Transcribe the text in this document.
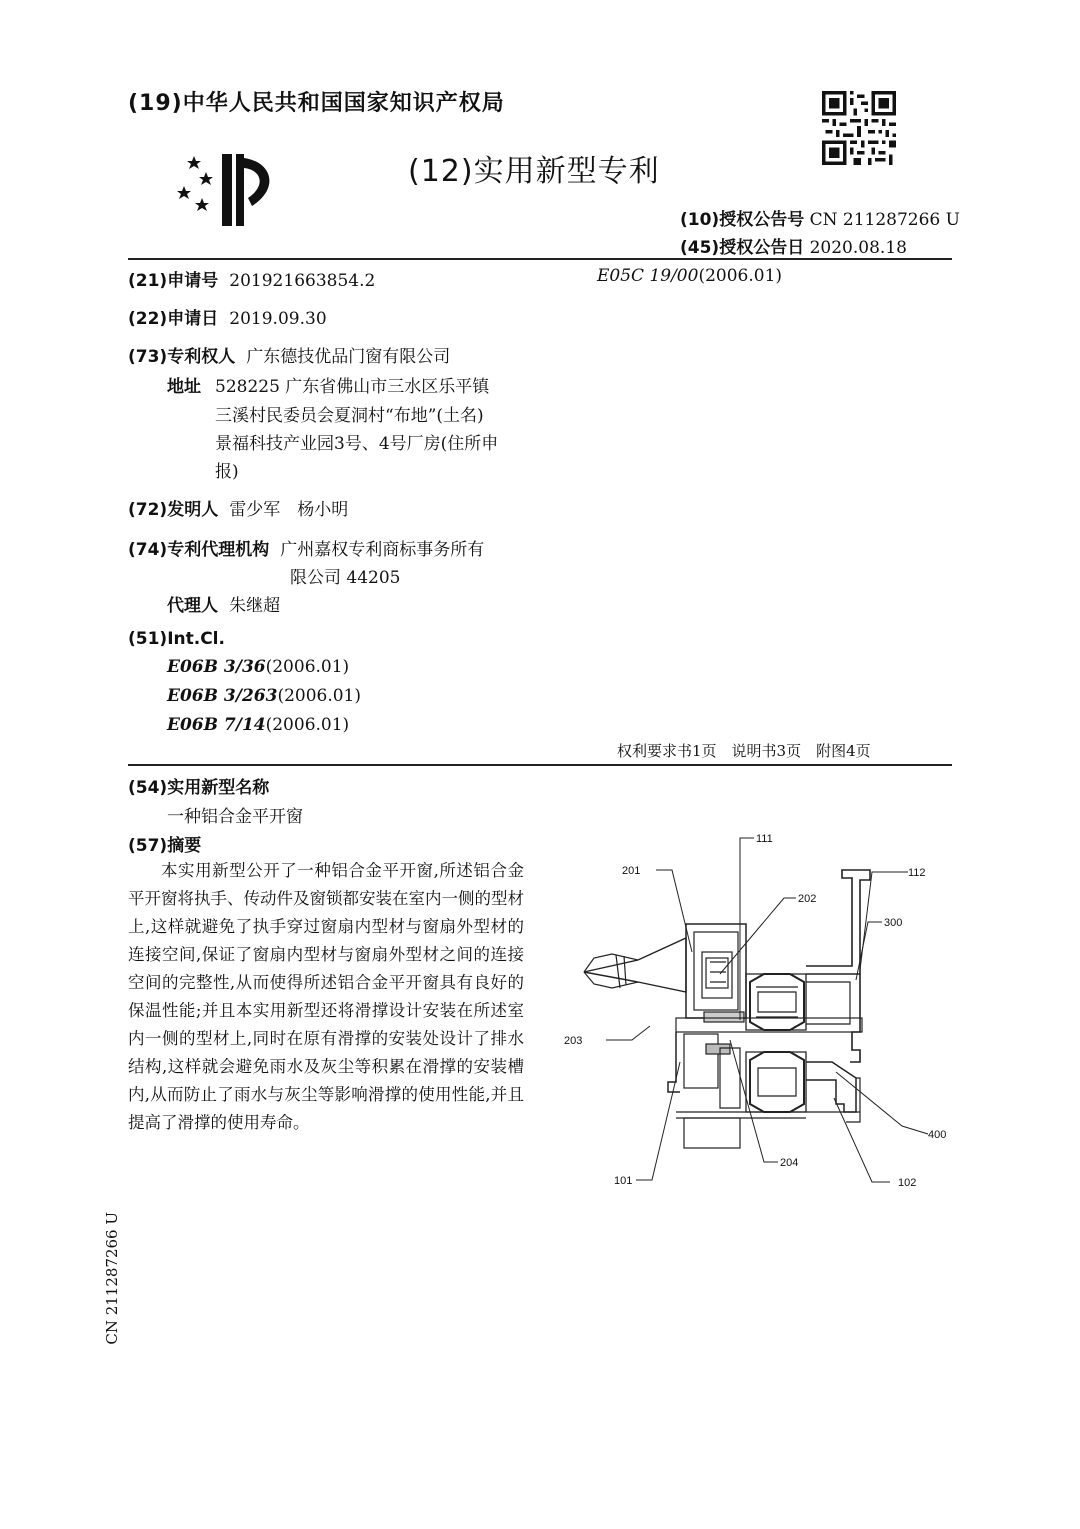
(19)中华人民共和国国家知识产权局
(12)实用新型专利
(10)授权公告号 CN 211287266 U
(45)授权公告日 2020.08.18
(21)申请号 201921663854.2	E05C 19/00(2006.01)
(22)申请日 2019.09.30
(73)专利权人 广东德技优品门窗有限公司
地址 528225 广东省佛山市三水区乐平镇
三溪村民委员会夏洞村“布地”(土名)
景福科技产业园3号、4号厂房(住所申
报)
(72)发明人 雷少军　杨小明
(74)专利代理机构 广州嘉权专利商标事务所有
限公司 44205
代理人 朱继超
(51)Int.Cl.
E06B 3/36(2006.01)
E06B 3/263(2006.01)
E06B 7/14(2006.01)
权利要求书1页　说明书3页　附图4页
(54)实用新型名称
一种铝合金平开窗
(57)摘要
本实用新型公开了一种铝合金平开窗,所述铝合金平开窗将执手、传动件及窗锁都安装在室内一侧的型材上,这样就避免了执手穿过窗扇内型材与窗扇外型材的连接空间,保证了窗扇内型材与窗扇外型材之间的连接空间的完整性,从而使得所述铝合金平开窗具有良好的保温性能;并且本实用新型还将滑撑设计安装在所述室内一侧的型材上,同时在原有滑撑的安装处设计了排水结构,这样就会避免雨水及灰尘等积累在滑撑的安装槽内,从而防止了雨水与灰尘等影响滑撑的使用性能,并且提高了滑撑的使用寿命。
111
201	112
202
300
203
400
204
101	102
CN 211287266 U
